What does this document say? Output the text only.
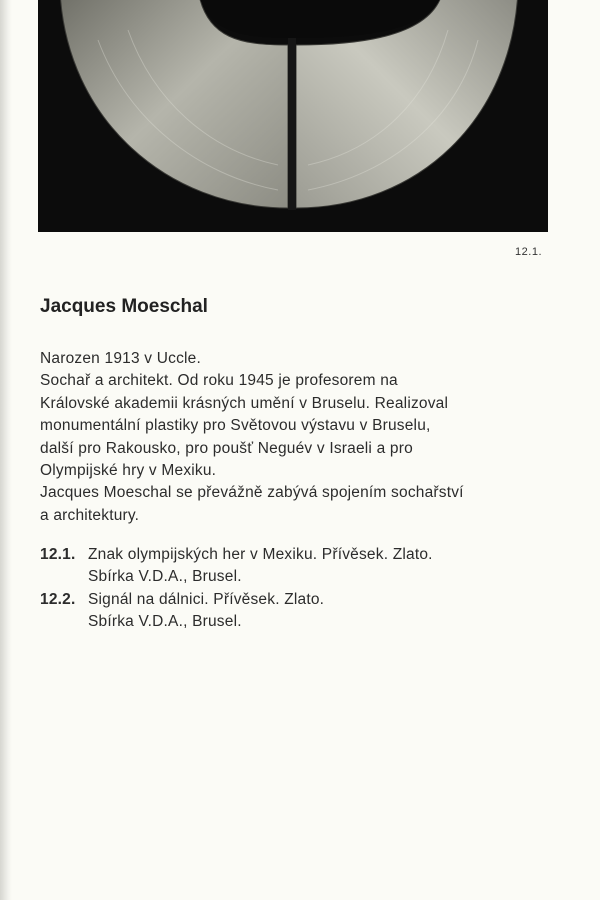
12.1.
Jacques Moeschal
Narozen 1913 v Uccle.
Sochař a architekt. Od roku 1945 je profesorem na
Královské akademii krásných umění v Bruselu. Realizoval
monumentální plastiky pro Světovou výstavu v Bruselu,
další pro Rakousko, pro poušť Neguév v Israeli a pro
Olympijské hry v Mexiku.
Jacques Moeschal se převážně zabývá spojením sochařství
a architektury.
12.1. Znak olympijských her v Mexiku. Přívěsek. Zlato.
Sbírka V.D.A., Brusel.
12.2. Signál na dálnici. Přívěsek. Zlato.
Sbírka V.D.A., Brusel.
